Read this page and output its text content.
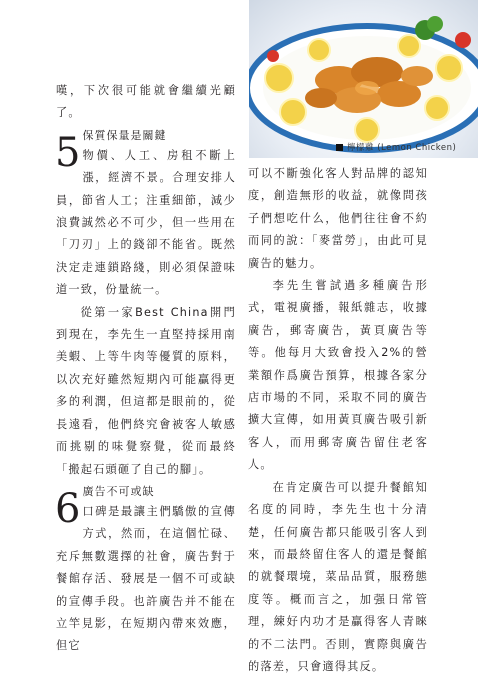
檸檬雞 (Lemon Chicken)

嘆，下次很可能就會繼續光顧了。

5 保質保量是關鍵
物價、人工、房租不斷上漲，經濟不景。合理安排人員，節省人工；注重細節，減少浪費誠然必不可少，但一些用在「刀刃」上的錢卻不能省。既然決定走連鎖路綫，則必須保證味道一致，份量統一。

從第一家Best China開門到現在，李先生一直堅持採用南美蝦、上等牛肉等優質的原料，以次充好雖然短期內可能贏得更多的利潤，但這都是眼前的，從長遠看，他們終究會被客人敏感而挑剔的味覺察覺，從而最終「搬起石頭砸了自己的腳」。

6 廣告不可或缺
口碑是最讓主們驕傲的宣傳方式，然而，在這個忙碌、充斥無數選擇的社會，廣告對于餐館存活、發展是一個不可或缺的宣傳手段。也許廣告并不能在立竿見影，在短期內帶來效應，但它

可以不斷強化客人對品牌的認知度，創造無形的收益，就像問孩子們想吃什么，他們往往會不約而同的說：「麥當勞」，由此可見廣告的魅力。

李先生嘗試過多種廣告形式，電視廣播，報紙雜志，收據廣告，郵寄廣告，黃頁廣告等等。他每月大致會投入2%的營業額作爲廣告預算，根據各家分店市場的不同，采取不同的廣告擴大宣傳，如用黃頁廣告吸引新客人，而用郵寄廣告留住老客人。

在肯定廣告可以提升餐館知名度的同時，李先生也十分清楚，任何廣告都只能吸引客人到來，而最終留住客人的還是餐館的就餐環境，菜品品質，服務態度等。概而言之，加强日常管理，練好内功才是贏得客人青睞的不二法門。否則，實際與廣告的落差，只會適得其反。
